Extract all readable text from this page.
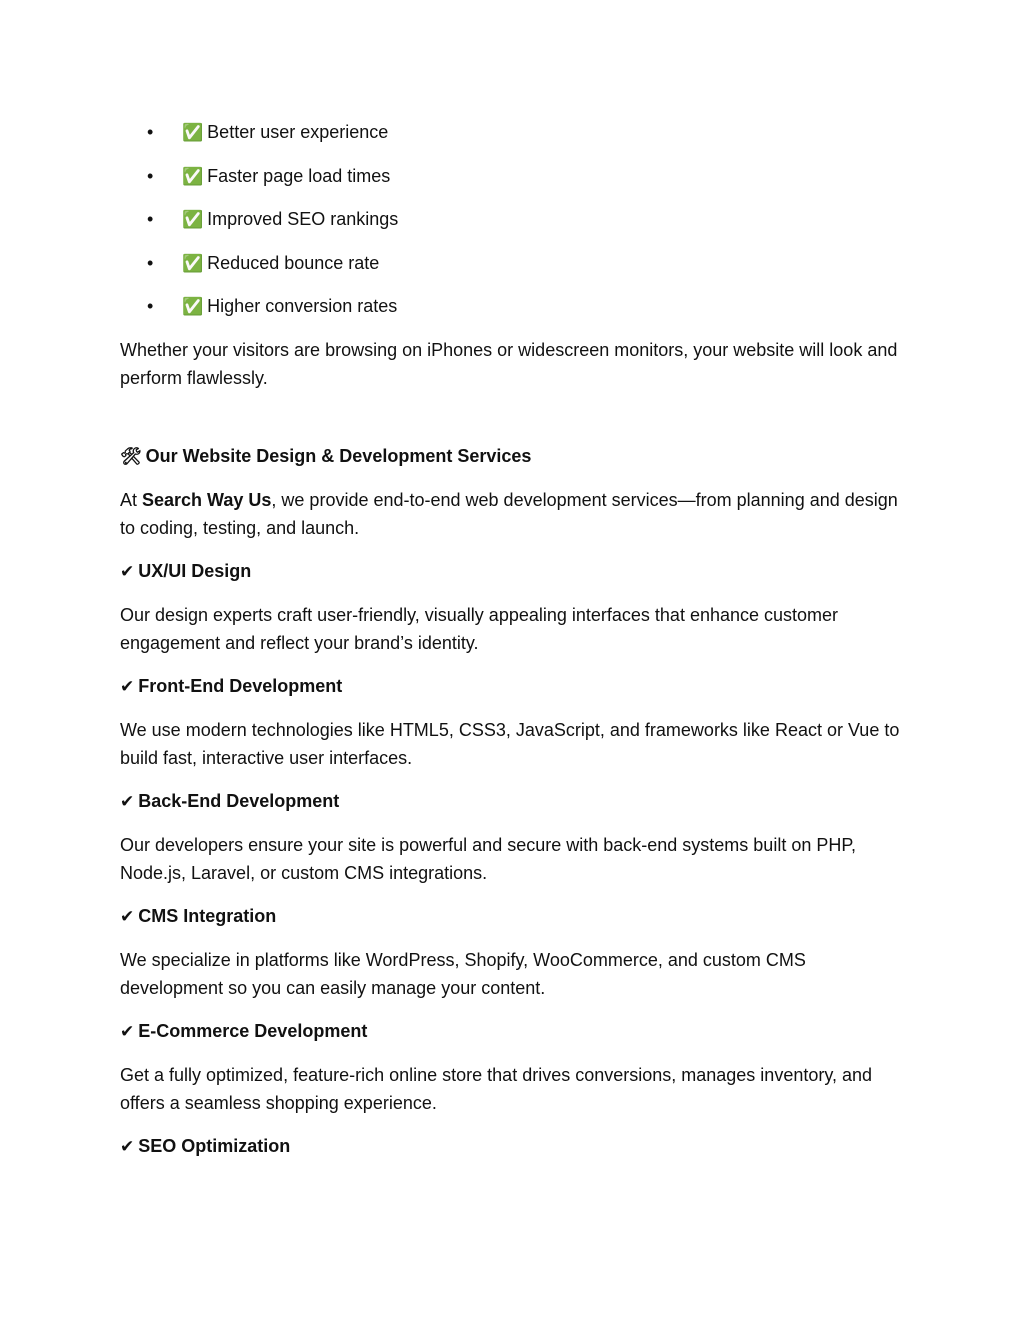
• ✅ Better user experience
• ✅ Faster page load times
• ✅ Improved SEO rankings
• ✅ Reduced bounce rate
• ✅ Higher conversion rates

Whether your visitors are browsing on iPhones or widescreen monitors, your website will look and perform flawlessly.

🛠 Our Website Design & Development Services

At Search Way Us, we provide end-to-end web development services—from planning and design to coding, testing, and launch.

✔ UX/UI Design

Our design experts craft user-friendly, visually appealing interfaces that enhance customer engagement and reflect your brand’s identity.

✔ Front-End Development

We use modern technologies like HTML5, CSS3, JavaScript, and frameworks like React or Vue to build fast, interactive user interfaces.

✔ Back-End Development

Our developers ensure your site is powerful and secure with back-end systems built on PHP, Node.js, Laravel, or custom CMS integrations.

✔ CMS Integration

We specialize in platforms like WordPress, Shopify, WooCommerce, and custom CMS development so you can easily manage your content.

✔ E-Commerce Development

Get a fully optimized, feature-rich online store that drives conversions, manages inventory, and offers a seamless shopping experience.

✔ SEO Optimization
